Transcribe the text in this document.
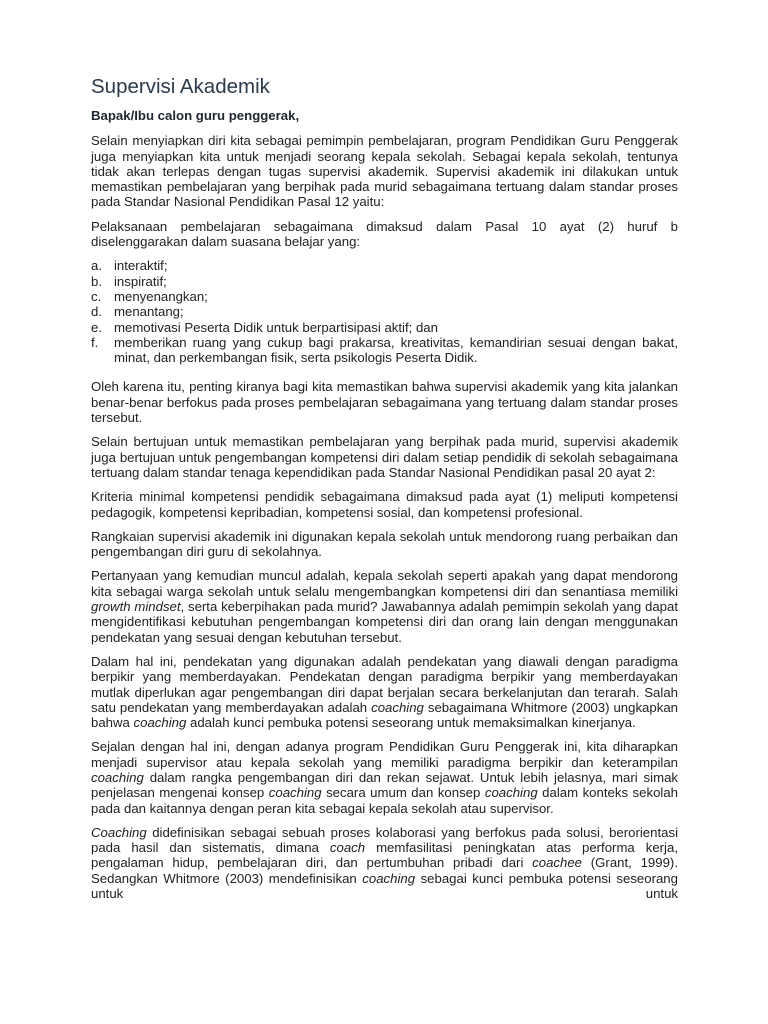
Supervisi Akademik

Bapak/Ibu calon guru penggerak,

Selain menyiapkan diri kita sebagai pemimpin pembelajaran, program Pendidikan Guru Penggerak juga menyiapkan kita untuk menjadi seorang kepala sekolah. Sebagai kepala sekolah, tentunya tidak akan terlepas dengan tugas supervisi akademik. Supervisi akademik ini dilakukan untuk memastikan pembelajaran yang berpihak pada murid sebagaimana tertuang dalam standar proses pada Standar Nasional Pendidikan Pasal 12 yaitu:

Pelaksanaan pembelajaran sebagaimana dimaksud dalam Pasal 10 ayat (2) huruf b diselenggarakan dalam suasana belajar yang:

a. interaktif;
b. inspiratif;
c. menyenangkan;
d. menantang;
e. memotivasi Peserta Didik untuk berpartisipasi aktif; dan
f.	memberikan ruang yang cukup bagi prakarsa, kreativitas, kemandirian sesuai dengan bakat, minat, dan perkembangan fisik, serta psikologis Peserta Didik.

Oleh karena itu, penting kiranya bagi kita memastikan bahwa supervisi akademik yang kita jalankan benar-benar berfokus pada proses pembelajaran sebagaimana yang tertuang dalam standar proses tersebut.

Selain bertujuan untuk memastikan pembelajaran yang berpihak pada murid, supervisi akademik juga bertujuan untuk pengembangan kompetensi diri dalam setiap pendidik di sekolah sebagaimana tertuang dalam standar tenaga kependidikan pada Standar Nasional Pendidikan pasal 20 ayat 2:

Kriteria minimal kompetensi pendidik sebagaimana dimaksud pada ayat (1) meliputi kompetensi pedagogik, kompetensi kepribadian, kompetensi sosial, dan kompetensi profesional.

Rangkaian supervisi akademik ini digunakan kepala sekolah untuk mendorong ruang perbaikan dan pengembangan diri guru di sekolahnya.

Pertanyaan yang kemudian muncul adalah, kepala sekolah seperti apakah yang dapat mendorong kita sebagai warga sekolah untuk selalu mengembangkan kompetensi diri dan senantiasa memiliki growth mindset, serta keberpihakan pada murid? Jawabannya adalah pemimpin sekolah yang dapat mengidentifikasi kebutuhan pengembangan kompetensi diri dan orang lain dengan menggunakan pendekatan yang sesuai dengan kebutuhan tersebut.

Dalam hal ini, pendekatan yang digunakan adalah pendekatan yang diawali dengan paradigma berpikir yang memberdayakan. Pendekatan dengan paradigma berpikir yang memberdayakan mutlak diperlukan agar pengembangan diri dapat berjalan secara berkelanjutan dan terarah. Salah satu pendekatan yang memberdayakan adalah coaching sebagaimana Whitmore (2003) ungkapkan bahwa coaching adalah kunci pembuka potensi seseorang untuk memaksimalkan kinerjanya.

Sejalan dengan hal ini, dengan adanya program Pendidikan Guru Penggerak ini, kita diharapkan menjadi supervisor atau kepala sekolah yang memiliki paradigma berpikir dan keterampilan coaching dalam rangka pengembangan diri dan rekan sejawat. Untuk lebih jelasnya, mari simak penjelasan mengenai konsep coaching secara umum dan konsep coaching dalam konteks sekolah pada dan kaitannya dengan peran kita sebagai kepala sekolah atau supervisor.

Coaching didefinisikan sebagai sebuah proses kolaborasi yang berfokus pada solusi, berorientasi pada hasil dan sistematis, dimana coach memfasilitasi peningkatan atas performa kerja, pengalaman hidup, pembelajaran diri, dan pertumbuhan pribadi dari coachee (Grant, 1999). Sedangkan Whitmore (2003) mendefinisikan coaching sebagai kunci pembuka potensi seseorang untuk untuk
